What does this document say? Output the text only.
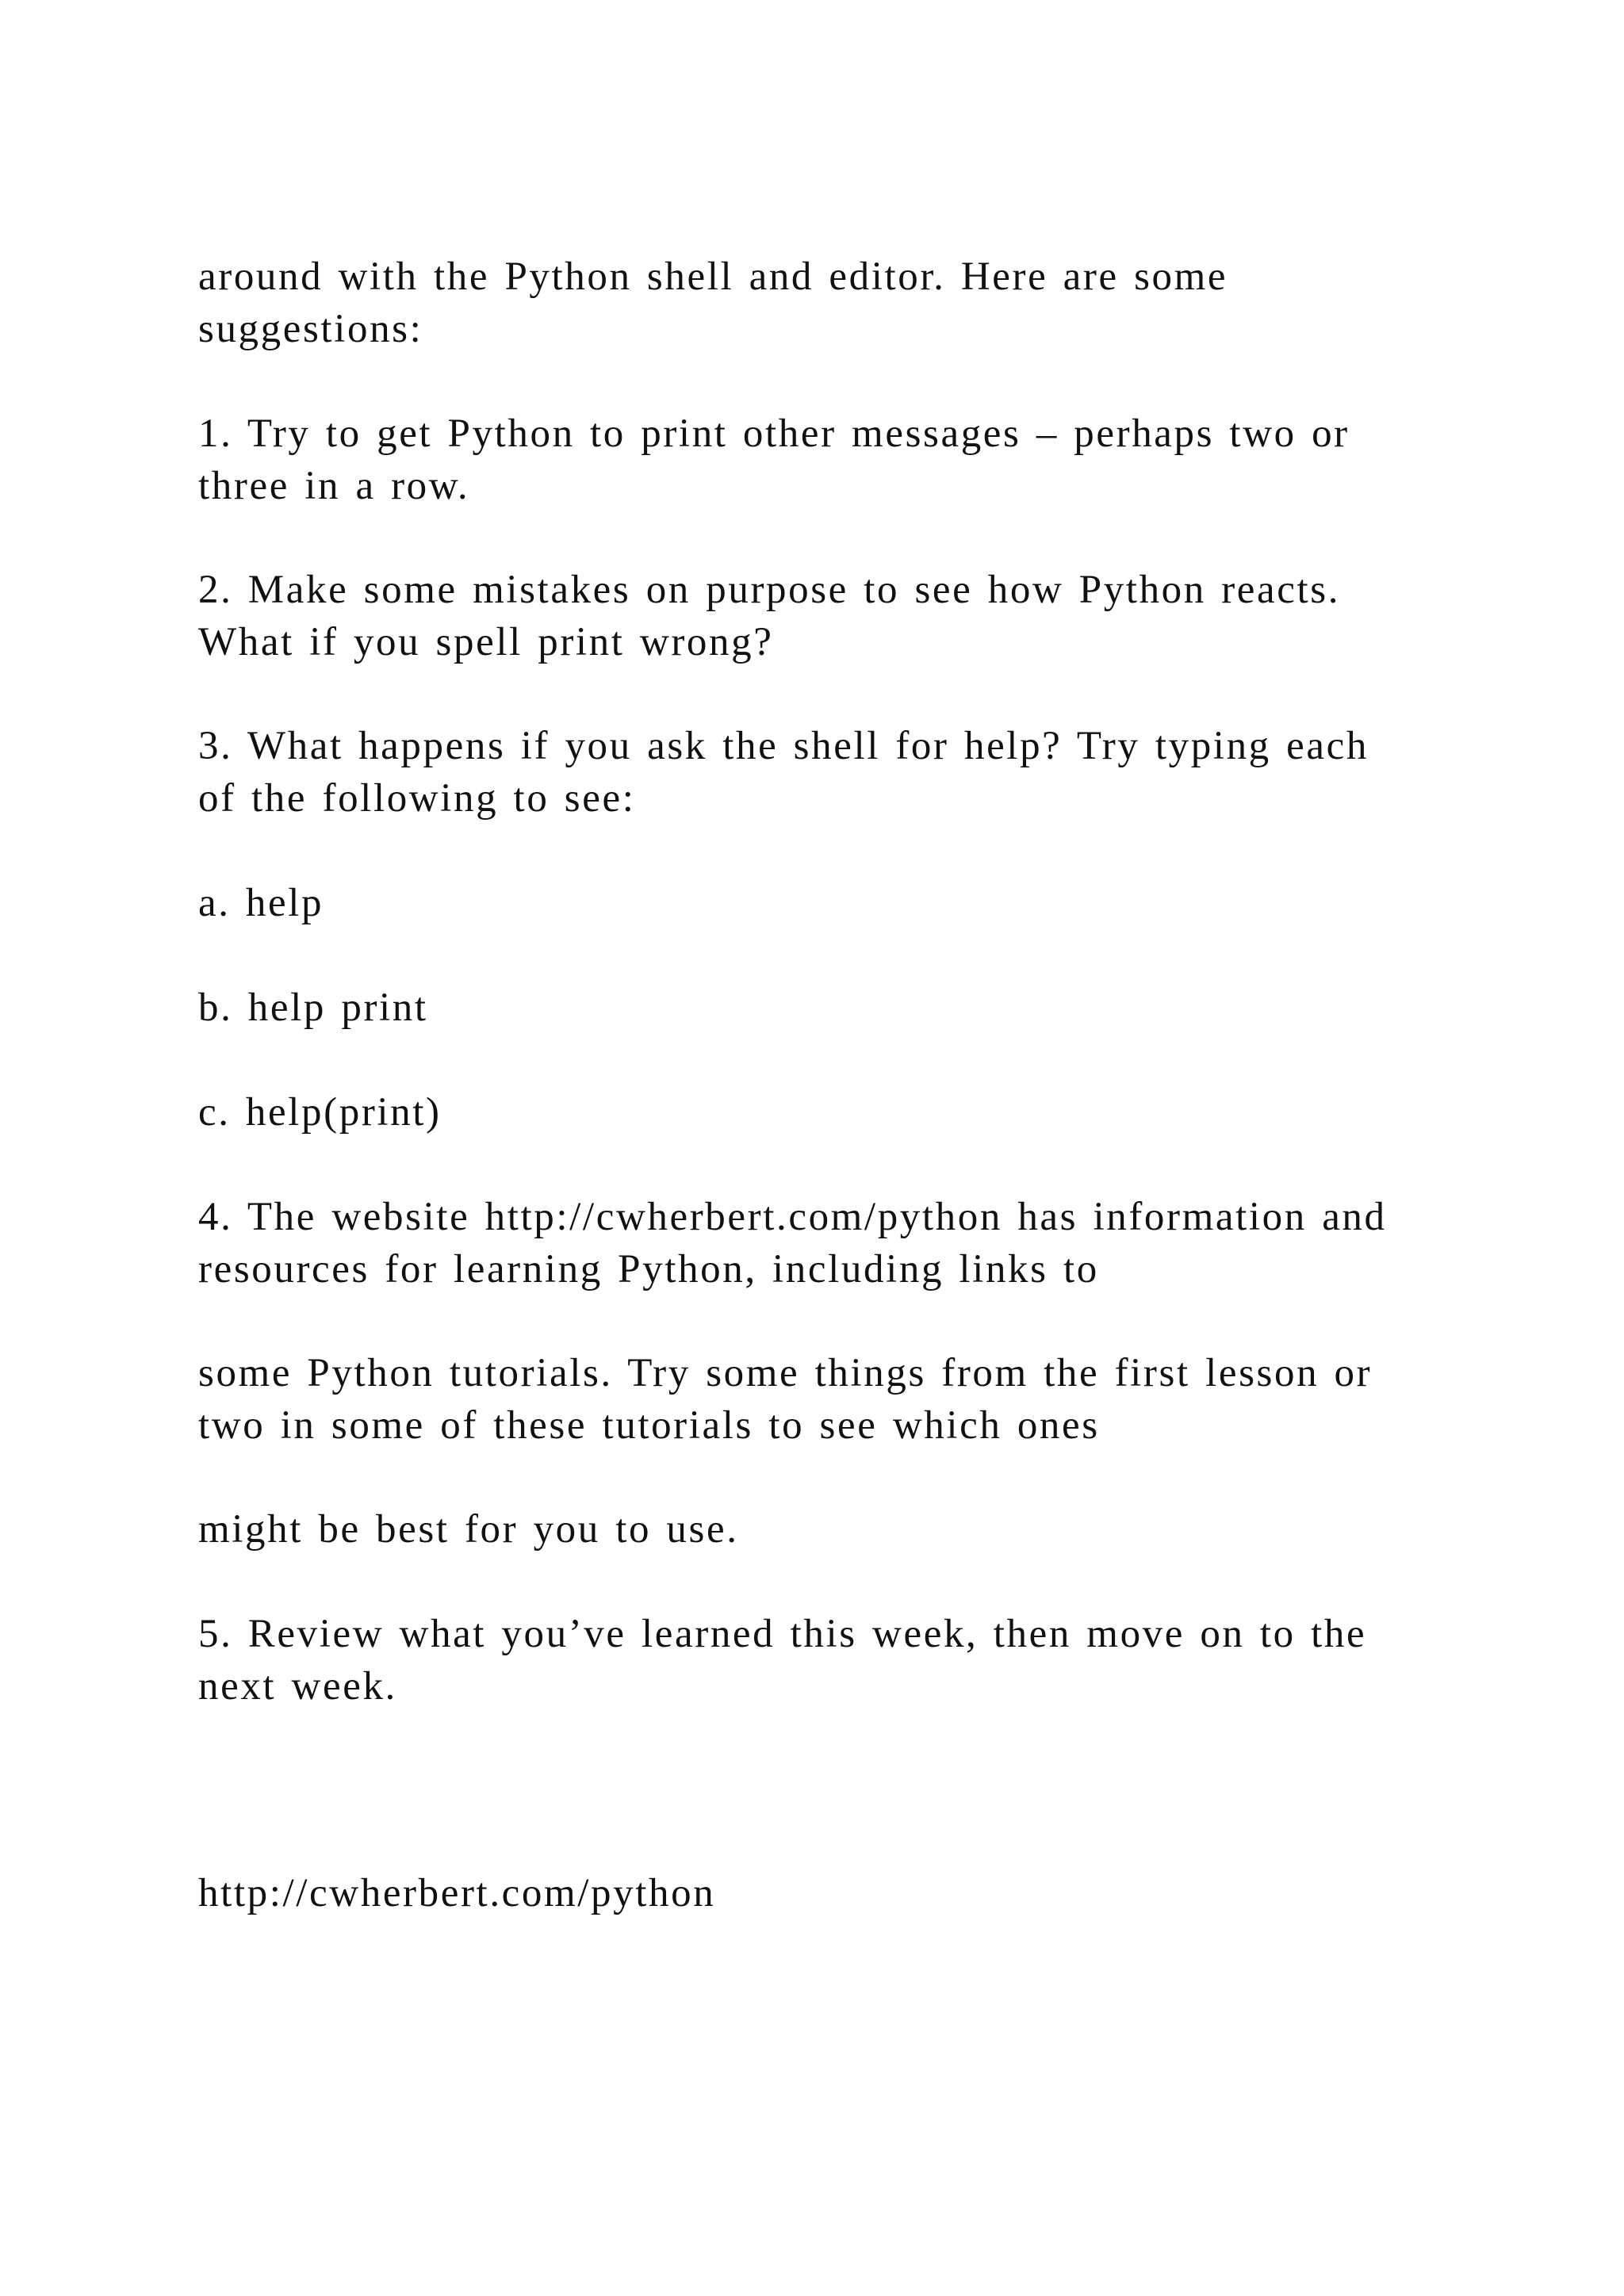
around with the Python shell and editor. Here are some
suggestions:
1. Try to get Python to print other messages – perhaps two or
three in a row.
2. Make some mistakes on purpose to see how Python reacts.
What if you spell print wrong?
3. What happens if you ask the shell for help? Try typing each
of the following to see:
a. help
b. help print
c. help(print)
4. The website http://cwherbert.com/python has information and
resources for learning Python, including links to
some Python tutorials. Try some things from the first lesson or
two in some of these tutorials to see which ones
might be best for you to use.
5. Review what you’ve learned this week, then move on to the
next week.
http://cwherbert.com/python
